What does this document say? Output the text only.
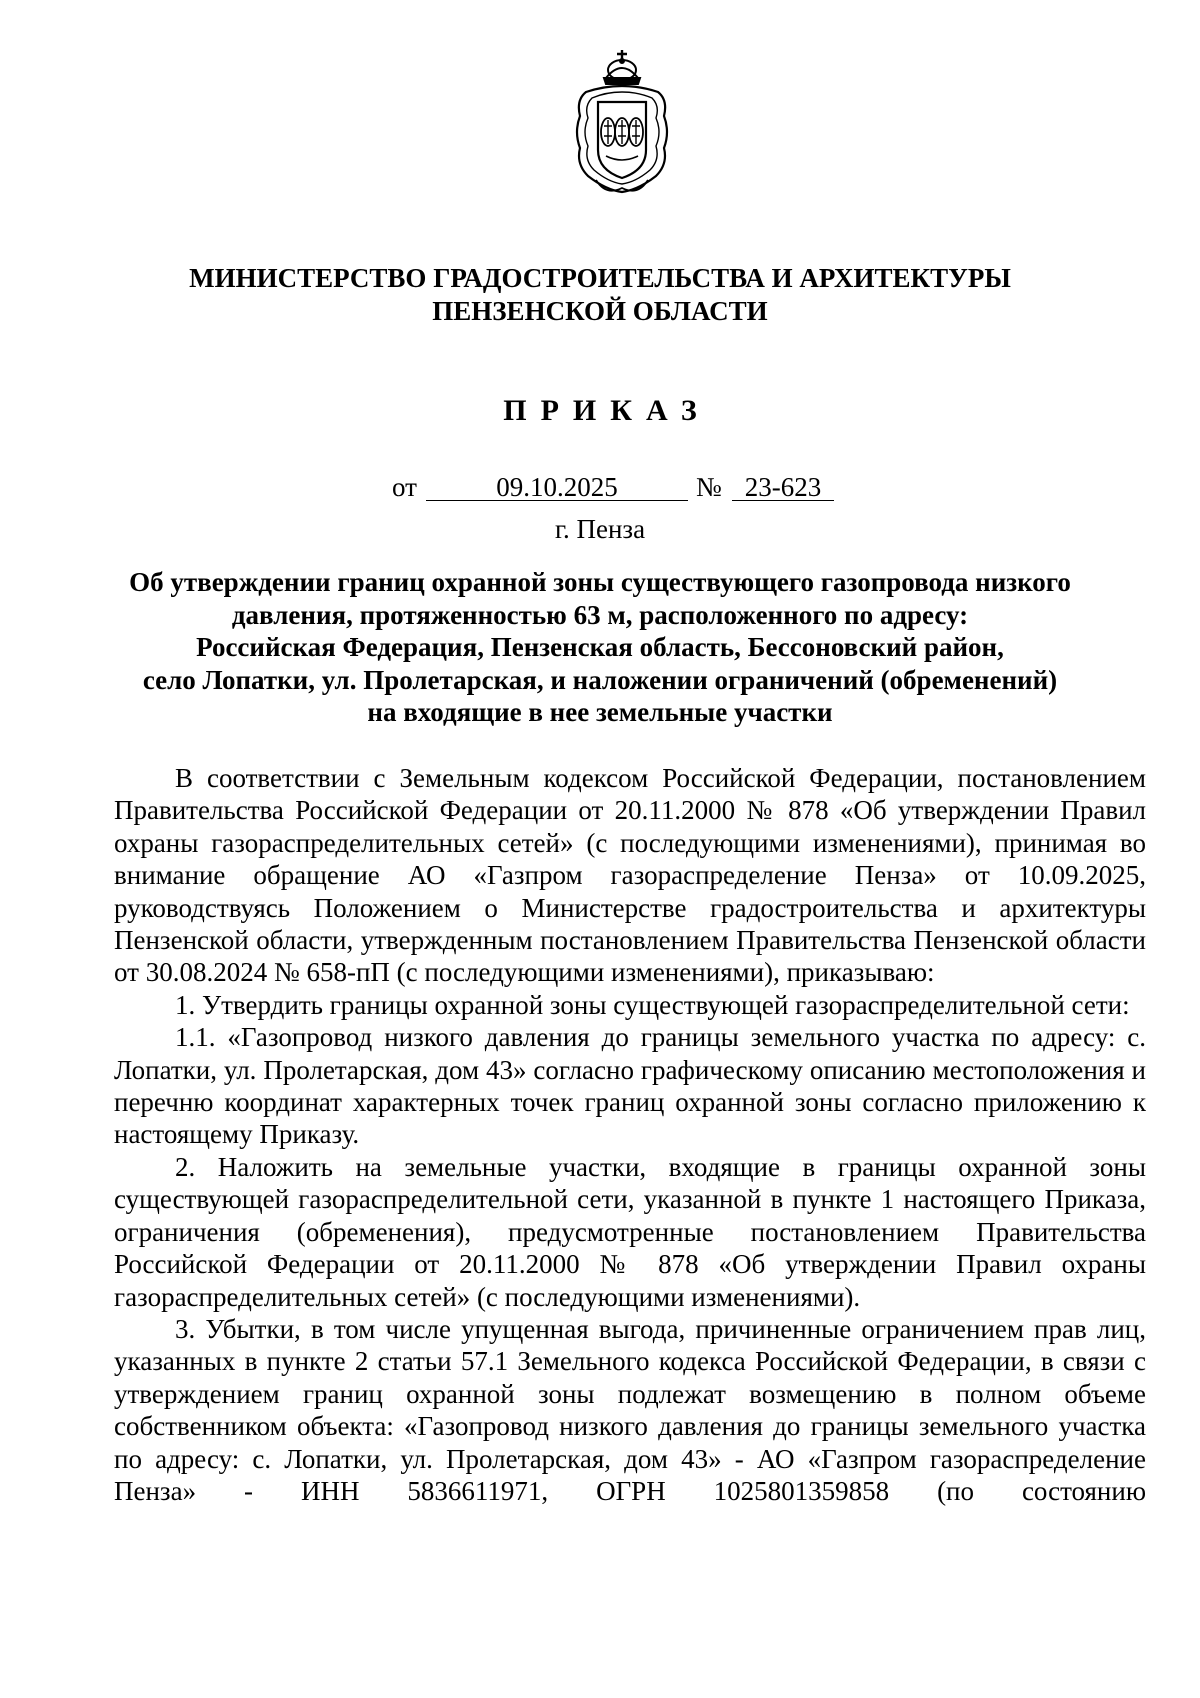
МИНИСТЕРСТВО ГРАДОСТРОИТЕЛЬСТВА И АРХИТЕКТУРЫ
ПЕНЗЕНСКОЙ ОБЛАСТИ
ПРИКАЗ
от	09.10.2025	№ 23-623
г. Пенза
Об утверждении границ охранной зоны существующего газопровода низкого
давления, протяженностью 63 м, расположенного по адресу:
Российская Федерация, Пензенская область, Бессоновский район,
село Лопатки, ул. Пролетарская, и наложении ограничений (обременений)
на входящие в нее земельные участки

В соответствии с Земельным кодексом Российской Федерации, постановлением Правительства Российской Федерации от 20.11.2000 № 878 «Об утверждении Правил охраны газораспределительных сетей» (с последующими изменениями), принимая во внимание обращение АО «Газпром газораспределение Пенза» от 10.09.2025, руководствуясь Положением о Министерстве градостроительства и архитектуры Пензенской области, утвержденным постановлением Правительства Пензенской области от 30.08.2024 № 658-пП (с последующими изменениями), приказываю:

1. Утвердить границы охранной зоны существующей газораспределительной сети:

1.1. «Газопровод низкого давления до границы земельного участка по адресу: с. Лопатки, ул. Пролетарская, дом 43» согласно графическому описанию местоположения и перечню координат характерных точек границ охранной зоны согласно приложению к настоящему Приказу.

2. Наложить на земельные участки, входящие в границы охранной зоны существующей газораспределительной сети, указанной в пункте 1 настоящего Приказа, ограничения (обременения), предусмотренные постановлением Правительства Российской Федерации от 20.11.2000 № 878 «Об утверждении Правил охраны газораспределительных сетей» (с последующими изменениями).

3. Убытки, в том числе упущенная выгода, причиненные ограничением прав лиц, указанных в пункте 2 статьи 57.1 Земельного кодекса Российской Федерации, в связи с утверждением границ охранной зоны подлежат возмещению в полном объеме собственником объекта: «Газопровод низкого давления до границы земельного участка по адресу: с. Лопатки, ул. Пролетарская, дом 43» - АО «Газпром газораспределение Пенза» - ИНН 5836611971, ОГРН 1025801359858 (по состоянию
